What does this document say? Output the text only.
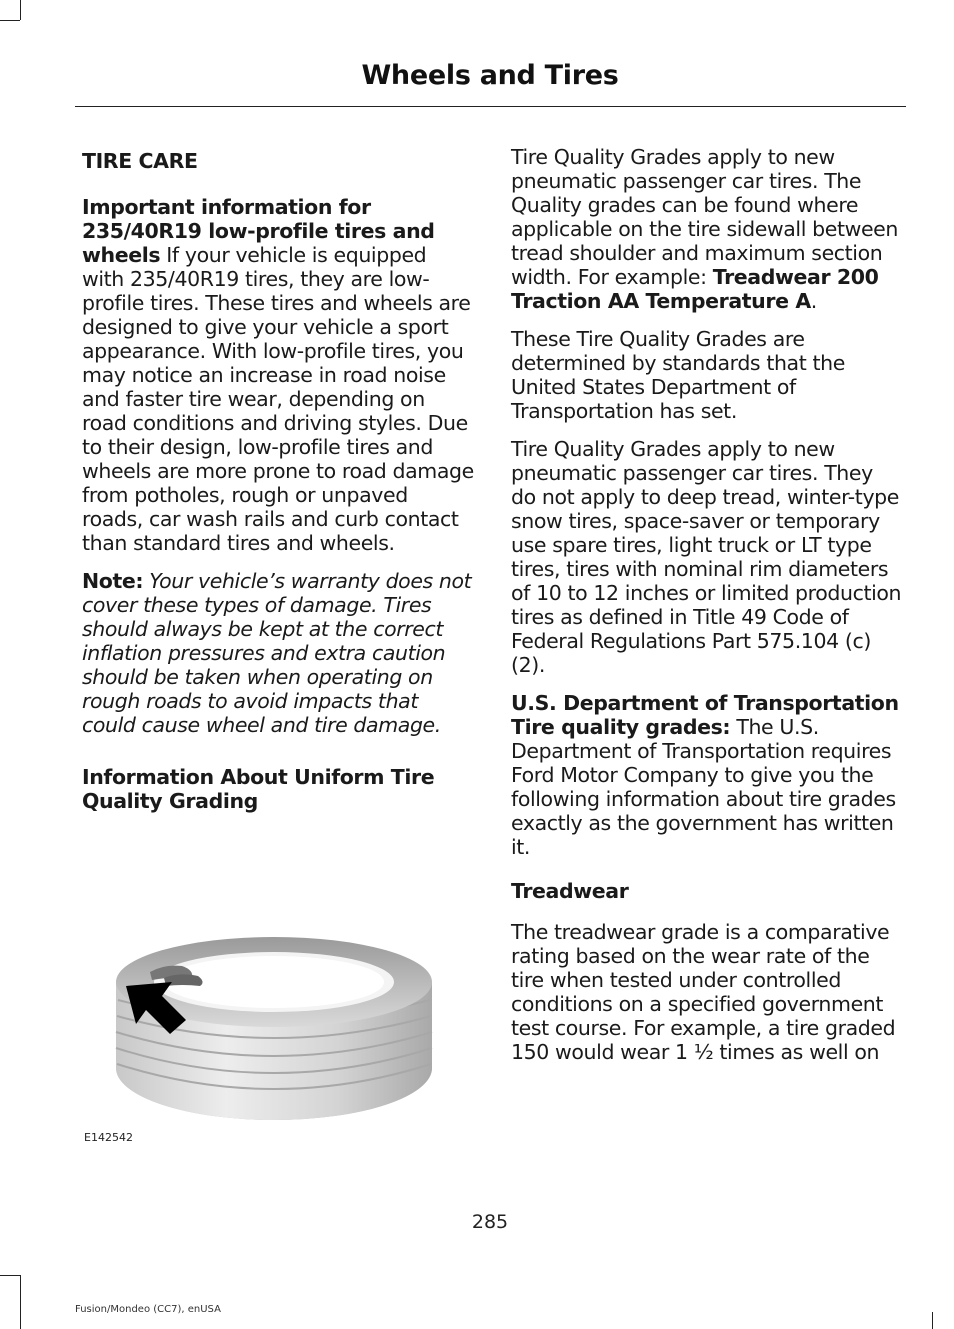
Wheels and Tires
TIRE CARE

Important information for 235/40R19 low-profile tires and wheels If your vehicle is equipped with 235/40R19 tires, they are low-profile tires. These tires and wheels are designed to give your vehicle a sport appearance. With low-profile tires, you may notice an increase in road noise and faster tire wear, depending on road conditions and driving styles. Due to their design, low-profile tires and wheels are more prone to road damage from potholes, rough or unpaved roads, car wash rails and curb contact than standard tires and wheels.

Note: Your vehicle’s warranty does not cover these types of damage. Tires should always be kept at the correct inflation pressures and extra caution should be taken when operating on rough roads to avoid impacts that could cause wheel and tire damage.

Information About Uniform Tire Quality Grading
E142542

Tire Quality Grades apply to new pneumatic passenger car tires. The Quality grades can be found where applicable on the tire sidewall between tread shoulder and maximum section width. For example: Treadwear 200 Traction AA Temperature A.

These Tire Quality Grades are determined by standards that the United States Department of Transportation has set.

Tire Quality Grades apply to new pneumatic passenger car tires. They do not apply to deep tread, winter-type snow tires, space-saver or temporary use spare tires, light truck or LT type tires, tires with nominal rim diameters of 10 to 12 inches or limited production tires as defined in Title 49 Code of Federal Regulations Part 575.104 (c)(2).

U.S. Department of Transportation Tire quality grades: The U.S. Department of Transportation requires Ford Motor Company to give you the following information about tire grades exactly as the government has written it.

Treadwear

The treadwear grade is a comparative rating based on the wear rate of the tire when tested under controlled conditions on a specified government test course. For example, a tire graded 150 would wear 1 ½ times as well on

285
Fusion/Mondeo (CC7), enUSA
